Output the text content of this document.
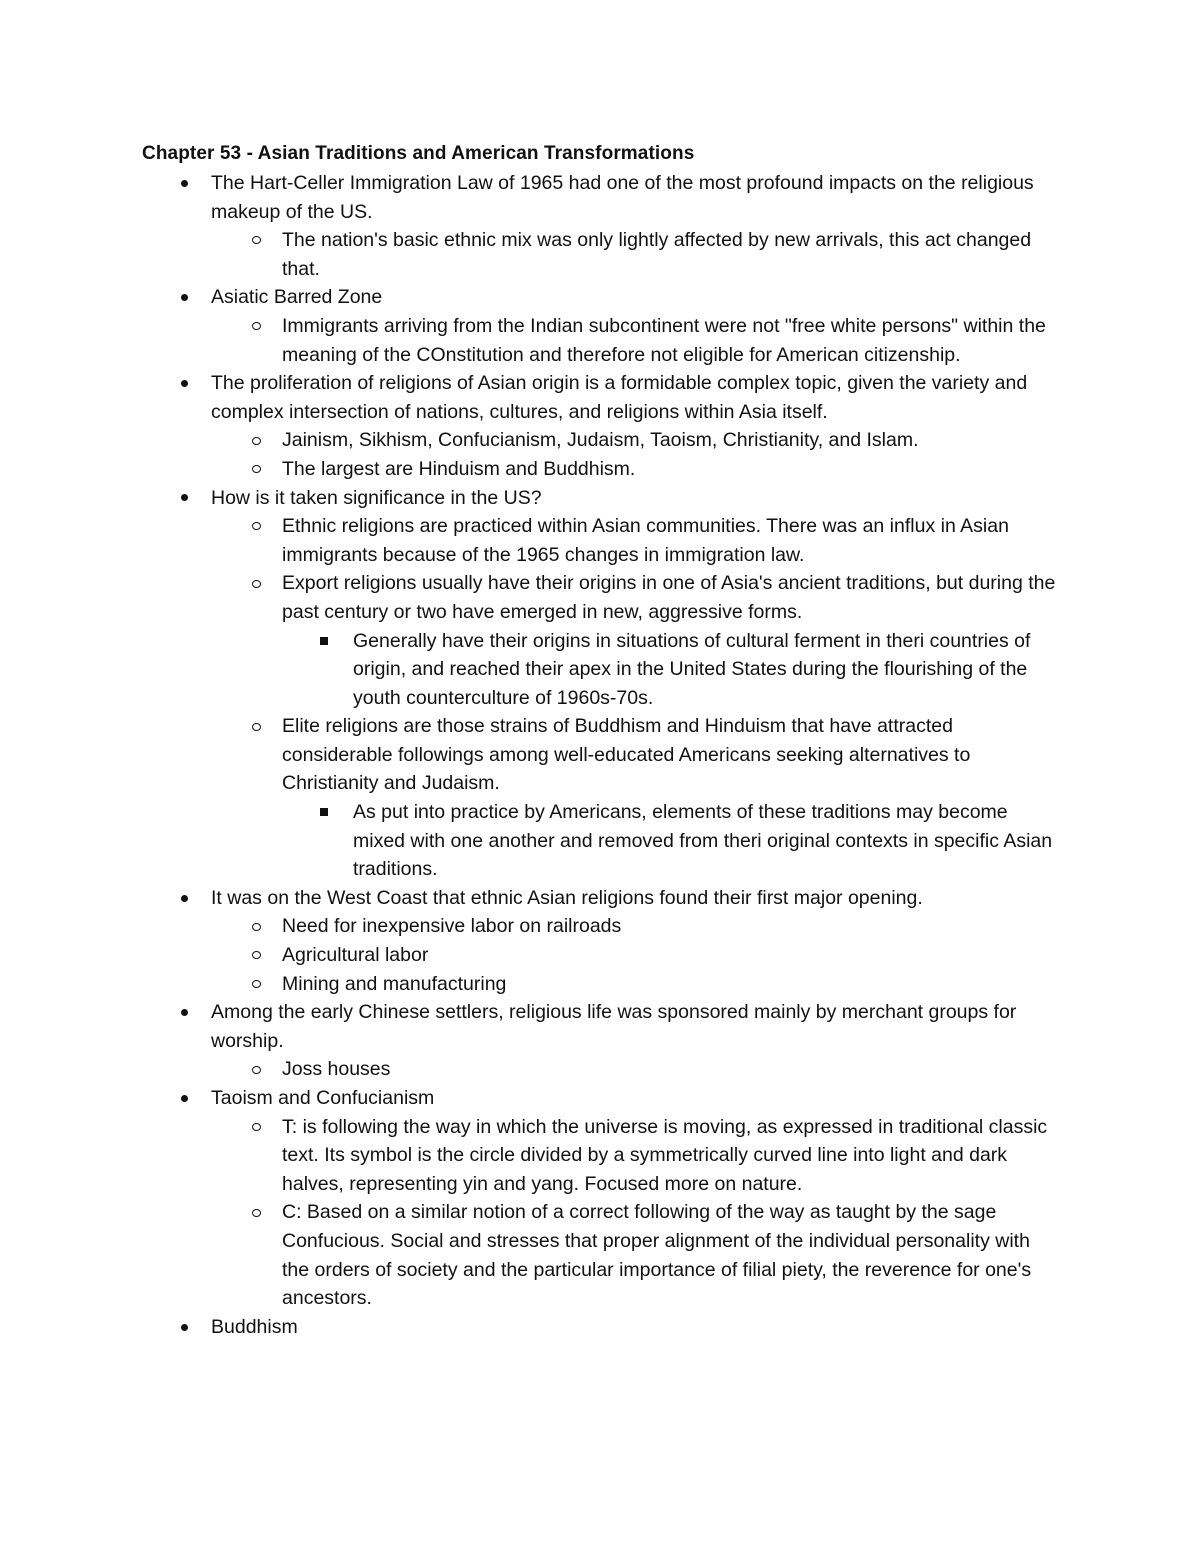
Chapter 53 - Asian Traditions and American Transformations
The Hart-Celler Immigration Law of 1965 had one of the most profound impacts on the religious makeup of the US.
The nation's basic ethnic mix was only lightly affected by new arrivals, this act changed that.
Asiatic Barred Zone
Immigrants arriving from the Indian subcontinent were not "free white persons" within the meaning of the COnstitution and therefore not eligible for American citizenship.
The proliferation of religions of Asian origin is a formidable complex topic, given the variety and complex intersection of nations, cultures, and religions within Asia itself.
Jainism, Sikhism, Confucianism, Judaism, Taoism, Christianity, and Islam.
The largest are Hinduism and Buddhism.
How is it taken significance in the US?
Ethnic religions are practiced within Asian communities. There was an influx in Asian immigrants because of the 1965 changes in immigration law.
Export religions usually have their origins in one of Asia's ancient traditions, but during the past century or two have emerged in new, aggressive forms.
Generally have their origins in situations of cultural ferment in theri countries of origin, and reached their apex in the United States during the flourishing of the youth counterculture of 1960s-70s.
Elite religions are those strains of Buddhism and Hinduism that have attracted considerable followings among well-educated Americans seeking alternatives to Christianity and Judaism.
As put into practice by Americans, elements of these traditions may become mixed with one another and removed from theri original contexts in specific Asian traditions.
It was on the West Coast that ethnic Asian religions found their first major opening.
Need for inexpensive labor on railroads
Agricultural labor
Mining and manufacturing
Among the early Chinese settlers, religious life was sponsored mainly by merchant groups for worship.
Joss houses
Taoism and Confucianism
T: is following the way in which the universe is moving, as expressed in traditional classic text. Its symbol is the circle divided by a symmetrically curved line into light and dark halves, representing yin and yang. Focused more on nature.
C: Based on a similar notion of a correct following of the way as taught by the sage Confucious. Social and stresses that proper alignment of the individual personality with the orders of society and the particular importance of filial piety, the reverence for one's ancestors.
Buddhism
